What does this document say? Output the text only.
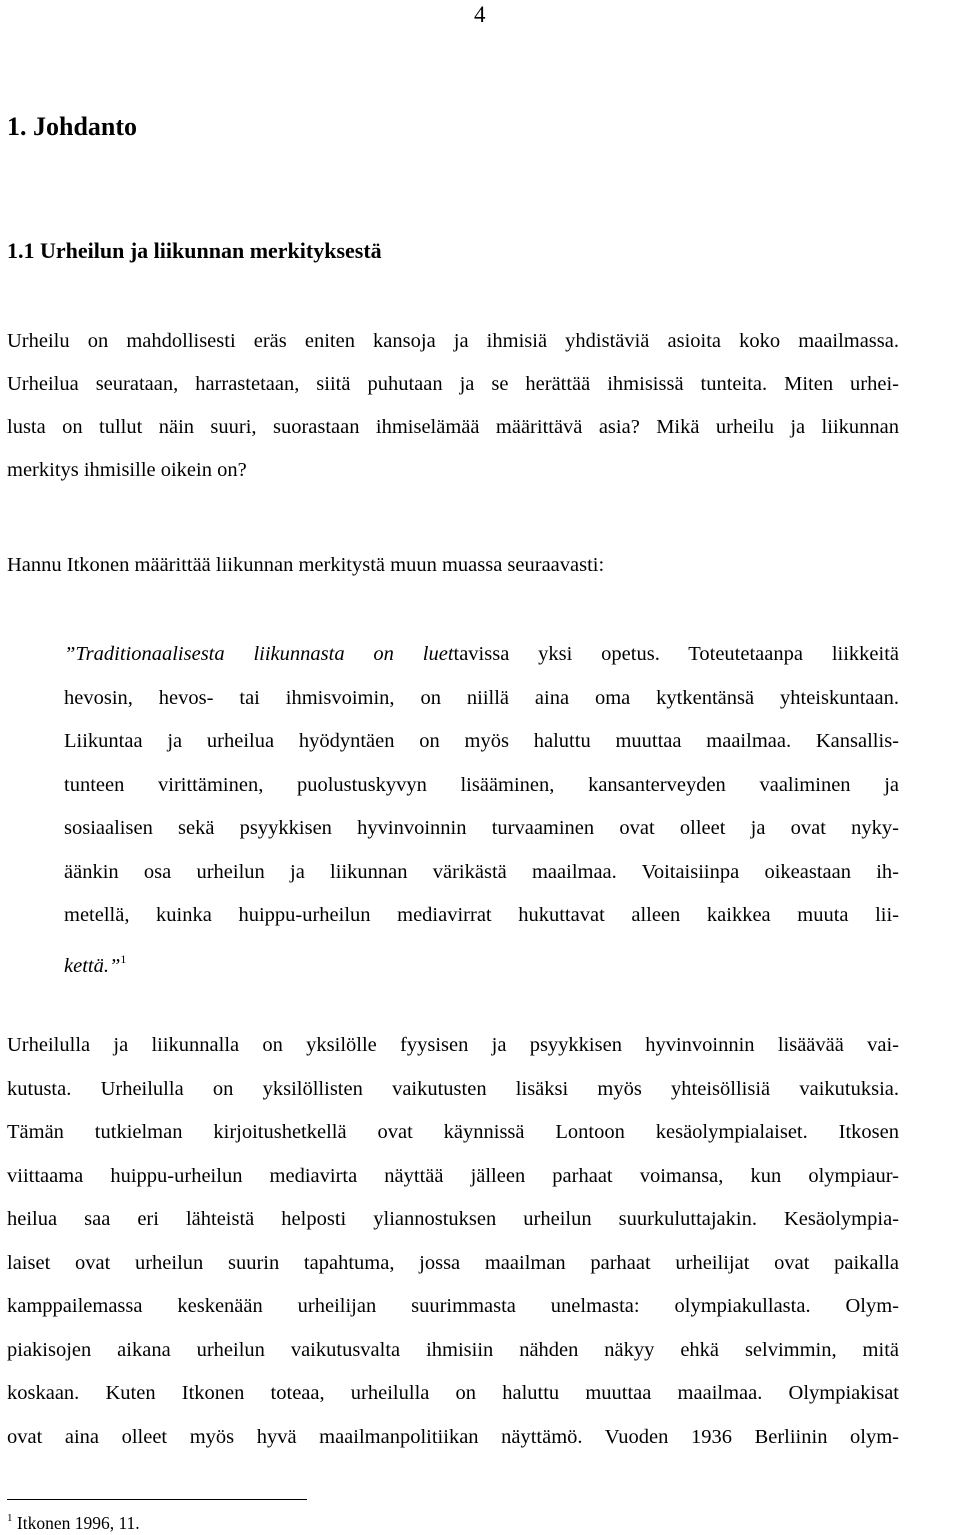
4
1. Johdanto
1.1 Urheilun ja liikunnan merkityksestä

Urheilu on mahdollisesti eräs eniten kansoja ja ihmisiä yhdistäviä asioita koko maailmassa.
Urheilua seurataan, harrastetaan, siitä puhutaan ja se herättää ihmisissä tunteita. Miten urhei-
lusta on tullut näin suuri, suorastaan ihmiselämää määrittävä asia? Mikä urheilu ja liikunnan
merkitys ihmisille oikein on?

Hannu Itkonen määrittää liikunnan merkitystä muun muassa seuraavasti:

”Traditionaalisesta liikunnasta on luettavissa yksi opetus. Toteutetaanpa liikkeitä
hevosin, hevos- tai ihmisvoimin, on niillä aina oma kytkentänsä yhteiskuntaan.
Liikuntaa ja urheilua hyödyntäen on myös haluttu muuttaa maailmaa. Kansallis-
tunteen virittäminen, puolustuskyvyn lisääminen, kansanterveyden vaaliminen ja
sosiaalisen sekä psyykkisen hyvinvoinnin turvaaminen ovat olleet ja ovat nyky-
äänkin osa urheilun ja liikunnan värikästä maailmaa. Voitaisiinpa oikeastaan ih-
metellä, kuinka huippu-urheilun mediavirrat hukuttavat alleen kaikkea muuta lii-
kettä.”$^1$

Urheilulla ja liikunnalla on yksilölle fyysisen ja psyykkisen hyvinvoinnin lisäävää vai-
kutusta. Urheilulla on yksilöllisten vaikutusten lisäksi myös yhteisöllisiä vaikutuksia.
Tämän tutkielman kirjoitushetkellä ovat käynnissä Lontoon kesäolympialaiset. Itkosen
viittaama huippu-urheilun mediavirta näyttää jälleen parhaat voimansa, kun olympiaur-
heilua saa eri lähteistä helposti yliannostuksen urheilun suurkuluttajakin. Kesäolympia-
laiset ovat urheilun suurin tapahtuma, jossa maailman parhaat urheilijat ovat paikalla
kamppailemassa keskenään urheilijan suurimmasta unelmasta: olympiakullasta. Olym-
piakisojen aikana urheilun vaikutusvalta ihmisiin nähden näkyy ehkä selvimmin, mitä
koskaan. Kuten Itkonen toteaa, urheilulla on haluttu muuttaa maailmaa. Olympiakisat
ovat aina olleet myös hyvä maailmanpolitiikan näyttämö. Vuoden 1936 Berliinin olym-

$^1$ Itkonen 1996, 11.
